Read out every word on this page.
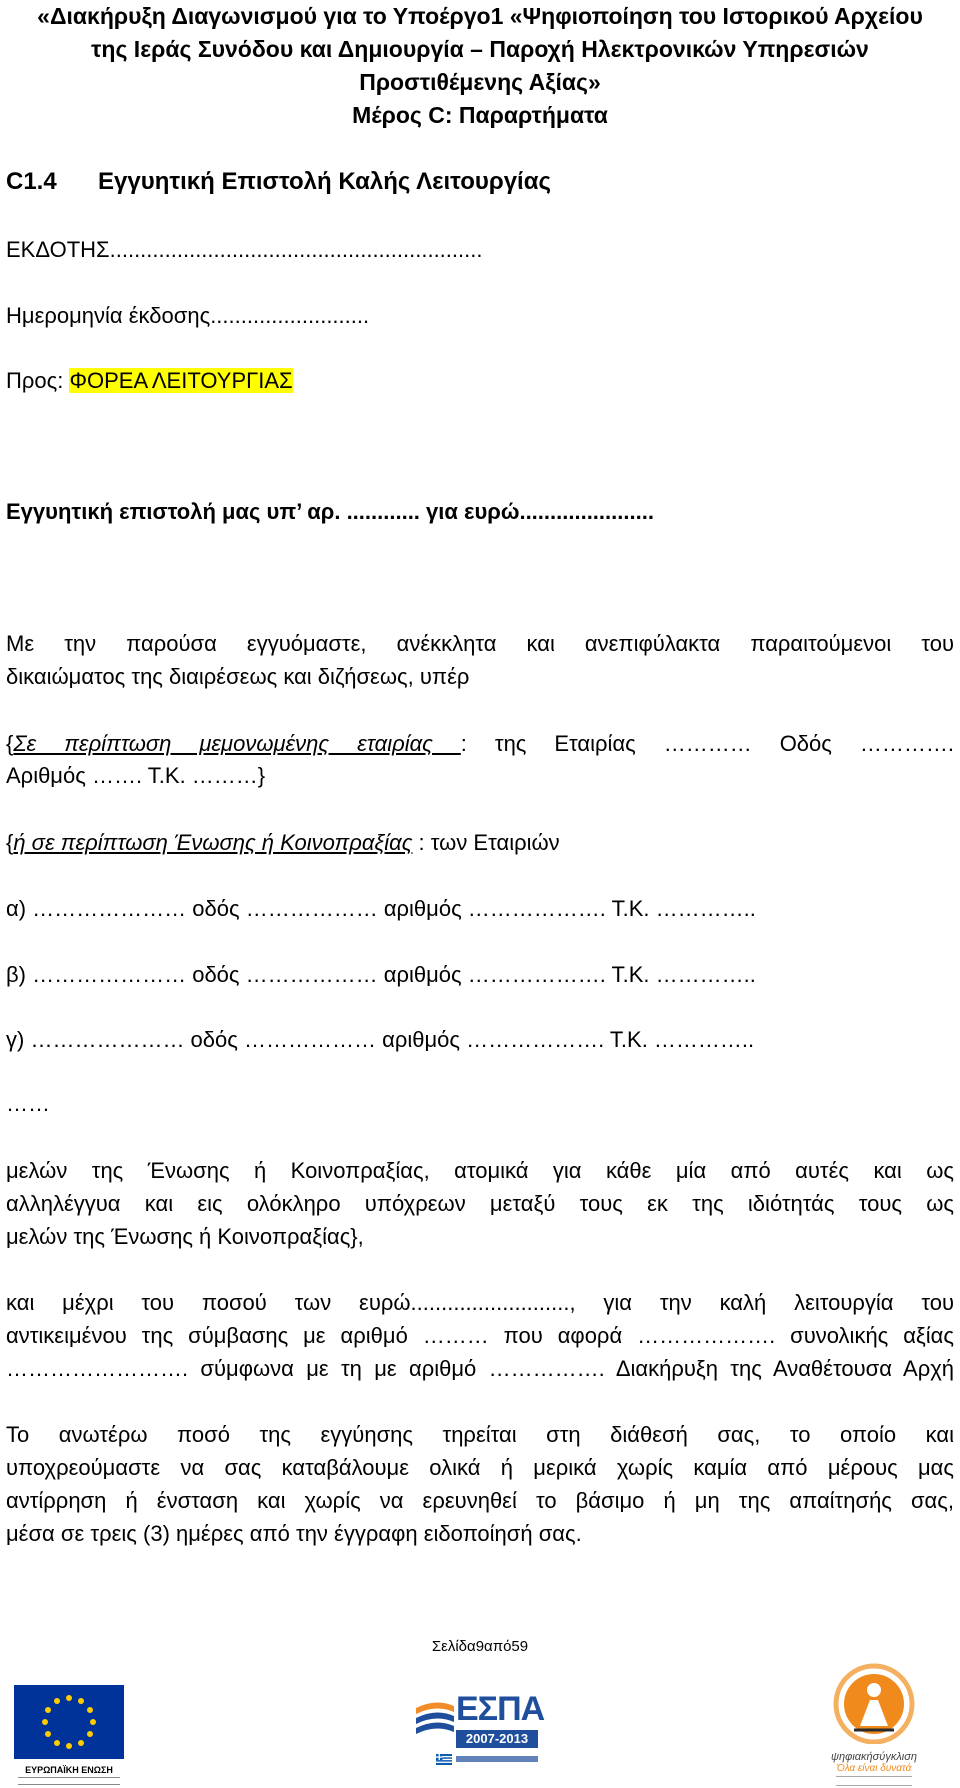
«Διακήρυξη Διαγωνισμού για το Υποέργο1 «Ψηφιοποίηση του Ιστορικού Αρχείου
της Ιεράς Συνόδου και Δημιουργία – Παροχή Ηλεκτρονικών Υπηρεσιών
Προστιθέμενης Αξίας»
Μέρος C: Παραρτήματα
C1.4 Εγγυητική Επιστολή Καλής Λειτουργίας
ΕΚΔΟΤΗΣ.............................................................
Ημερομηνία έκδοσης..........................
Προς: ΦΟΡΕΑ ΛΕΙΤΟΥΡΓΙΑΣ
Εγγυητική επιστολή μας υπ’ αρ. ............ για ευρώ......................
Με την παρούσα εγγυόμαστε, ανέκκλητα και ανεπιφύλακτα παραιτούμενοι του
δικαιώματος της διαιρέσεως και διζήσεως, υπέρ
{Σε περίπτωση μεμονωμένης εταιρίας : της Εταιρίας ………… Οδός ………….
Αριθμός ……. Τ.Κ. ………}
{ή σε περίπτωση Ένωσης ή Κοινοπραξίας : των Εταιριών
α) ………………… οδός ……………… αριθμός ………………. Τ.Κ. …………..
β) ………………… οδός ……………… αριθμός ………………. Τ.Κ. …………..
γ) ………………… οδός ……………… αριθμός ………………. Τ.Κ. …………..
……
μελών της Ένωσης ή Κοινοπραξίας, ατομικά για κάθε μία από αυτές και ως
αλληλέγγυα και εις ολόκληρο υπόχρεων μεταξύ τους εκ της ιδιότητάς τους ως
μελών της Ένωσης ή Κοινοπραξίας},
και μέχρι του ποσού των ευρώ.........................., για την καλή λειτουργία του
αντικειμένου της σύμβασης με αριθμό ……… που αφορά ………………. συνολικής αξίας
……………………. σύμφωνα με τη με αριθμό ……………. Διακήρυξη της Αναθέτουσα Αρχή
Το ανωτέρω ποσό της εγγύησης τηρείται στη διάθεσή σας, το οποίο και
υποχρεούμαστε να σας καταβάλουμε ολικά ή μερικά χωρίς καμία από μέρους μας
αντίρρηση ή ένσταση και χωρίς να ερευνηθεί το βάσιμο ή μη της απαίτησής σας,
μέσα σε τρεις (3) ημέρες από την έγγραφη ειδοποίησή σας.
Σελίδα9από59
ΕΥΡΩΠΑΪΚΗ ΕΝΩΣΗ
ΕΣΠΑ
2007-2013
ψηφιακήσύγκλιση
Όλα είναι δυνατά
